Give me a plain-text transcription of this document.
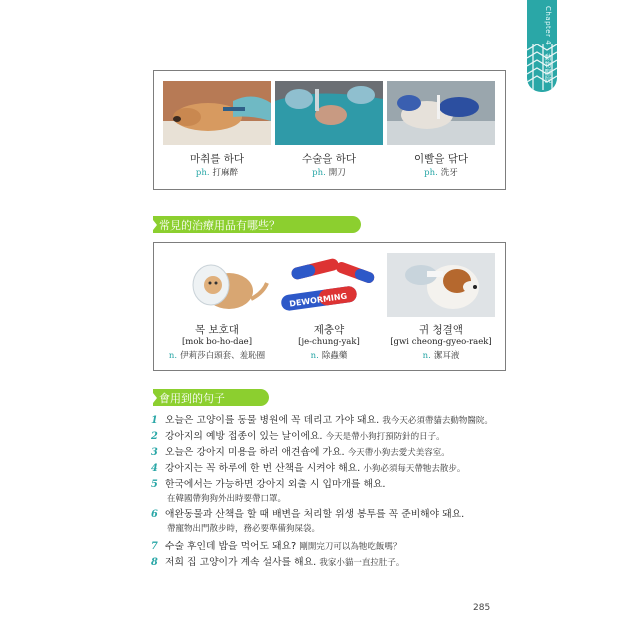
Chapter 4 · 動物醫院
마취를 하다
ph. 打麻醉
수술을 하다
ph. 開刀
이빨을 닦다
ph. 洗牙
常見的治療用品有哪些？
DEWORMING
목 보호대
[mok bo-ho-dae]
n. 伊莉莎白頭套、羞恥圈
제충약
[je-chung-yak]
n. 除蟲藥
귀 청결액
[gwi cheong-gyeo-raek]
n. 潔耳液
會用到的句子
1 오늘은 고양이를 동물 병원에 꼭 데리고 가야 돼요. 我今天必須帶貓去動物醫院。
2 강아지의 예방 접종이 있는 날이에요. 今天是帶小狗打預防針的日子。
3 오늘은 강아지 미용을 하러 애견숍에 가요. 今天帶小狗去愛犬美容室。
4 강아지는 꼭 하루에 한 번 산책을 시켜야 해요. 小狗必須每天帶牠去散步。
5 한국에서는 가능하면 강아지 외출 시 입마개를 해요.
在韓國帶狗狗外出時要帶口罩。
6 애완동물과 산책을 할 때 배변을 처리할 위생 봉투를 꼭 준비해야 돼요.
帶寵物出門散步時，務必要準備狗屎袋。
7 수술 후인데 밥을 먹어도 돼요? 剛開完刀可以為牠吃飯嗎？
8 저희 집 고양이가 계속 설사를 해요. 我家小貓一直拉肚子。
285
